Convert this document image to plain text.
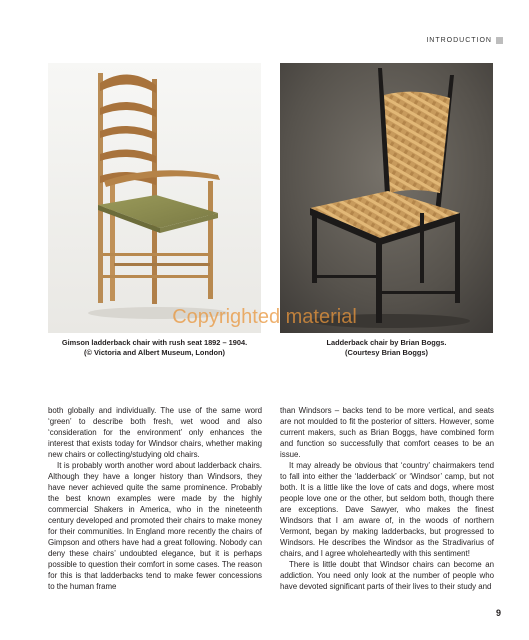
INTRODUCTION
Copyrighted material
Gimson ladderback chair with rush seat 1892 – 1904.
(© Victoria and Albert Museum, London)
Ladderback chair by Brian Boggs.
(Courtesy Brian Boggs)

both globally and individually. The use of the same word ‘green’ to describe both fresh, wet wood and also ‘consideration for the environment’ only enhances the interest that exists today for Windsor chairs, whether making new chairs or collecting/studying old chairs.

It is probably worth another word about ladderback chairs. Although they have a longer history than Windsors, they have never achieved quite the same prominence. Probably the best known examples were made by the highly commercial Shakers in America, who in the nineteenth century developed and promoted their chairs to make money for their communities. In England more recently the chairs of Gimpson and others have had a great following. Nobody can deny these chairs’ undoubted elegance, but it is perhaps possible to question their comfort in some cases. The reason for this is that ladderbacks tend to make fewer concessions to the human frame

than Windsors – backs tend to be more vertical, and seats are not moulded to fit the posterior of sitters. However, some current makers, such as Brian Boggs, have combined form and function so successfully that comfort ceases to be an issue.

It may already be obvious that ‘country’ chairmakers tend to fall into either the ‘ladderback’ or ‘Windsor’ camp, but not both. It is a little like the love of cats and dogs, where most people love one or the other, but seldom both, though there are exceptions. Dave Sawyer, who makes the finest Windsors that I am aware of, in the woods of northern Vermont, began by making ladderbacks, but progressed to Windsors. He describes the Windsor as the Stradivarius of chairs, and I agree wholeheartedly with this sentiment!

There is little doubt that Windsor chairs can become an addiction. You need only look at the number of people who have devoted significant parts of their lives to their study and

9
